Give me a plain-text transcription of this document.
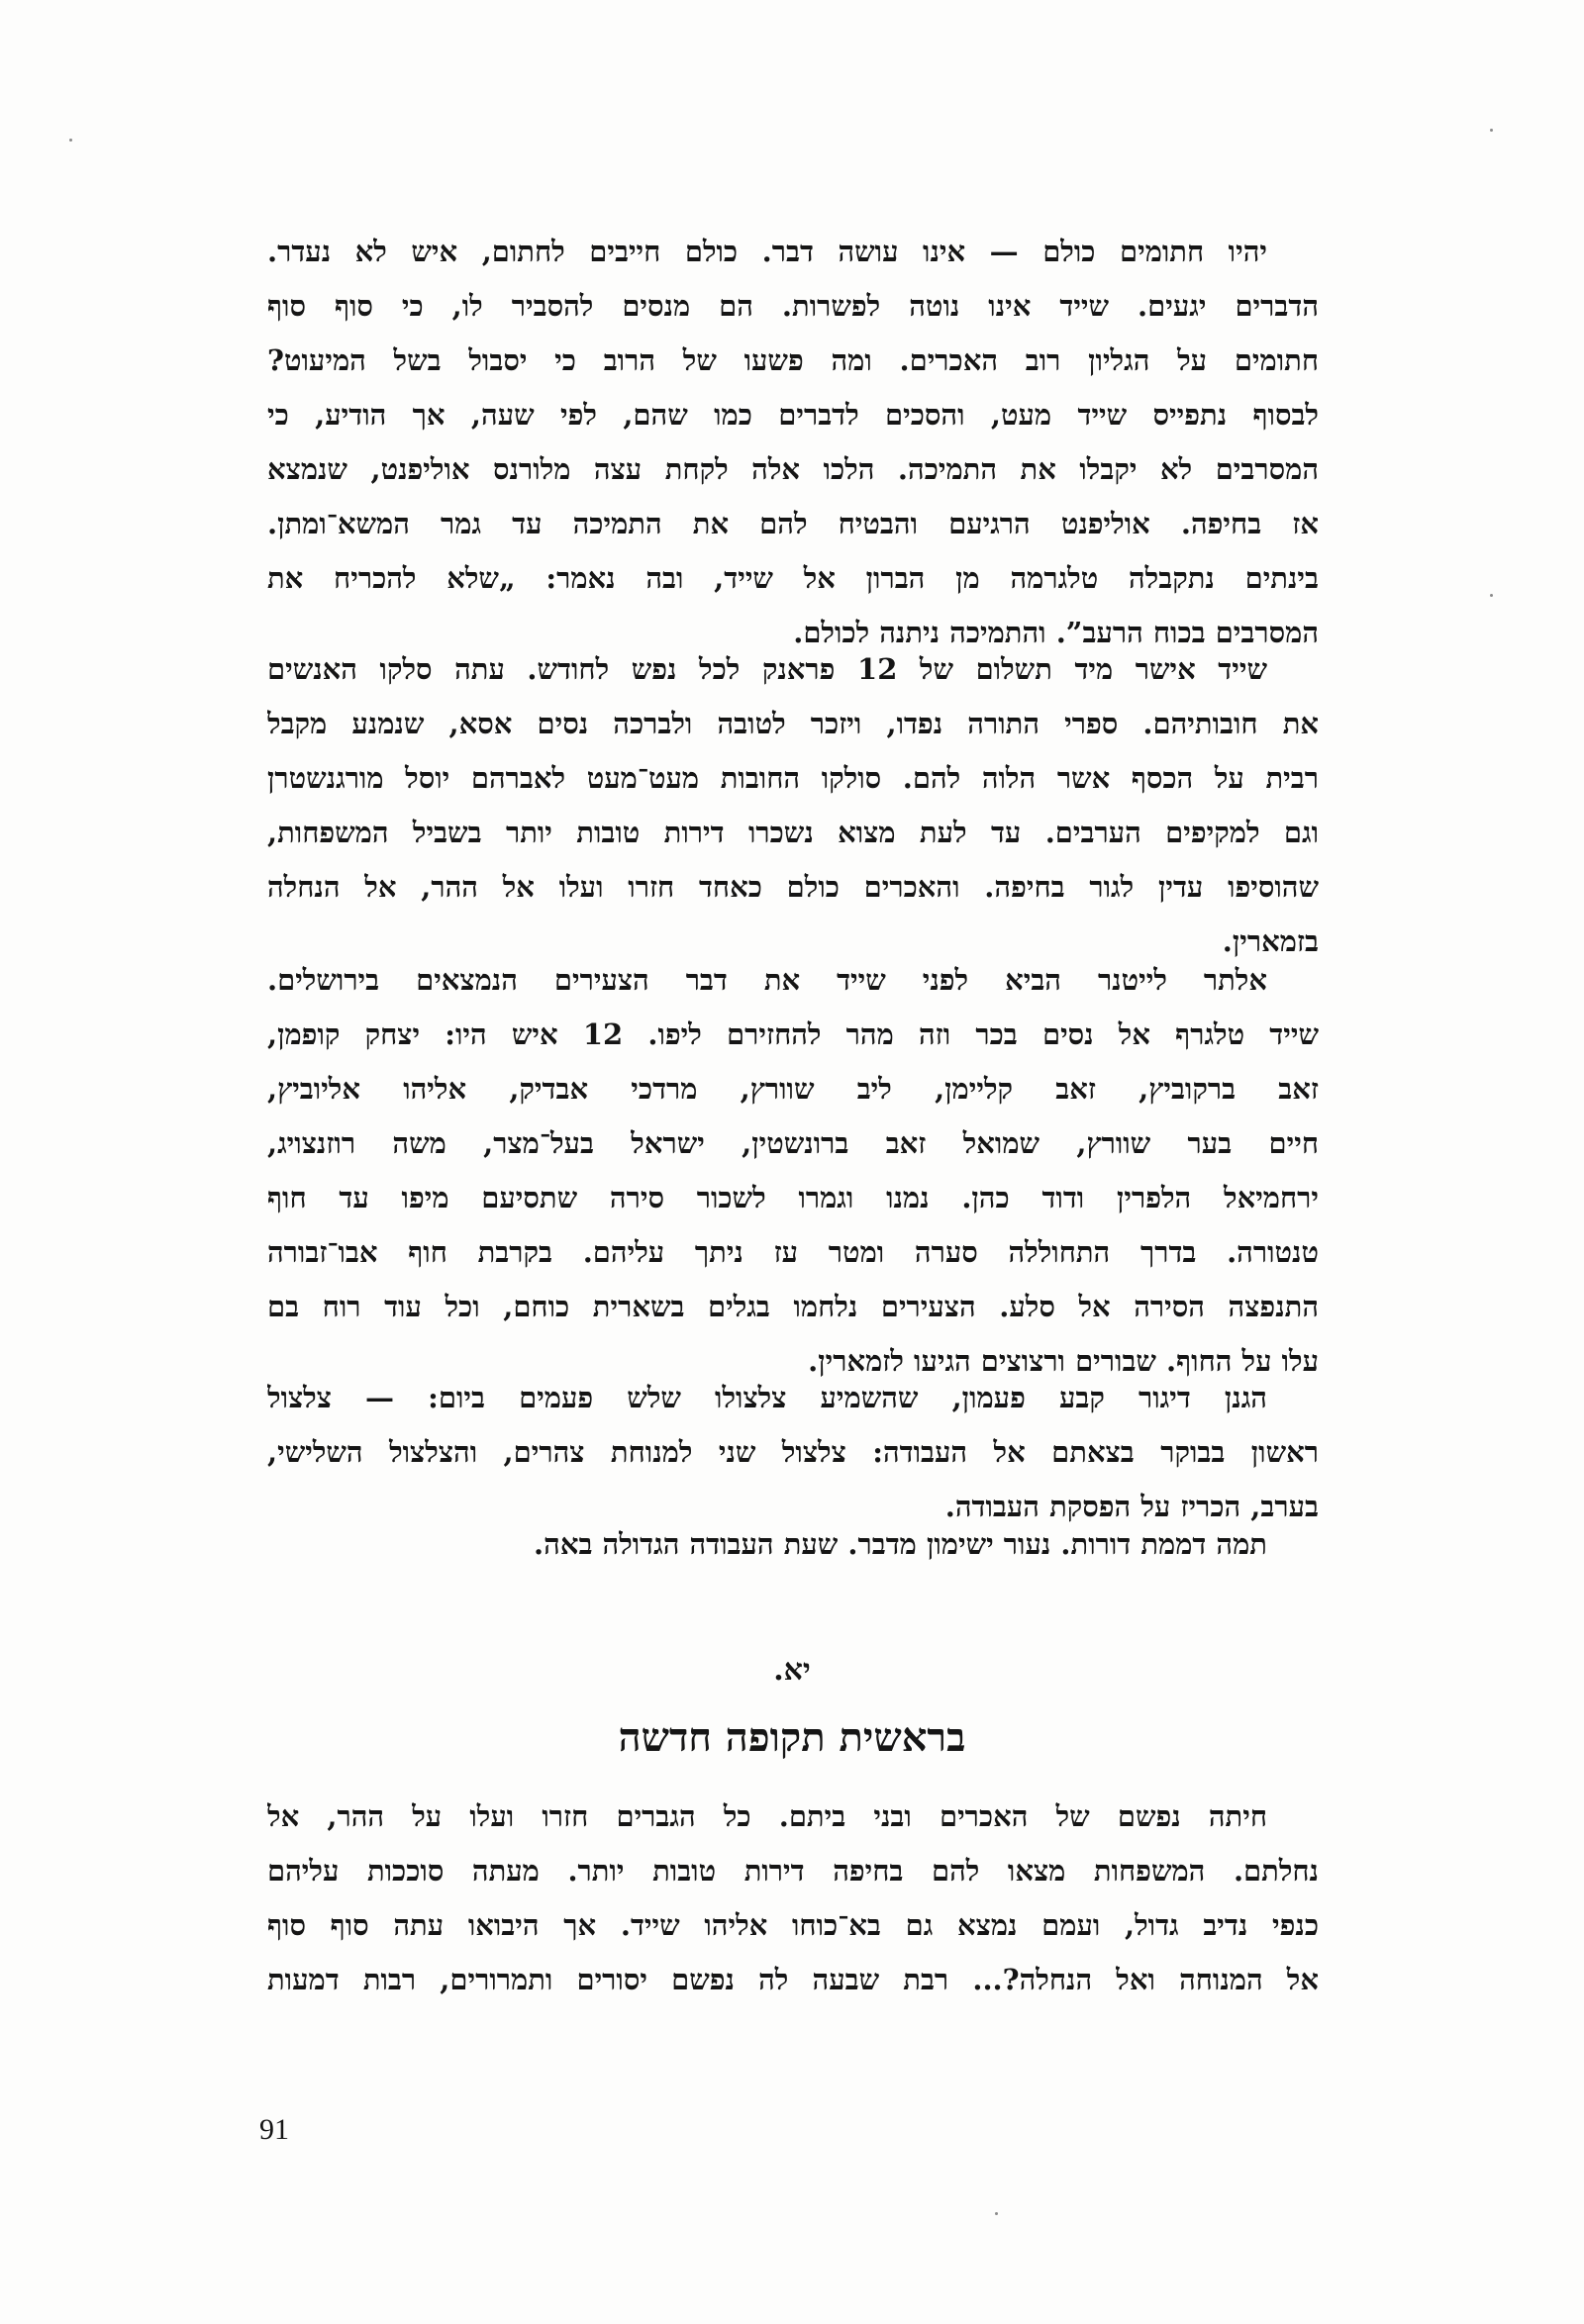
יהיו חתומים כולם — אינו עושה דבר. כולם חייבים לחתום, איש לא נעדר.
הדברים יגעים. שייד אינו נוטה לפשרות. הם מנסים להסביר לו, כי סוף סוף
חתומים על הגליון רוב האכרים. ומה פשעו של הרוב כי יסבול בשל המיעוט?
לבסוף נתפייס שייד מעט, והסכים לדברים כמו שהם, לפי שעה, אך הודיע, כי
המסרבים לא יקבלו את התמיכה. הלכו אלה לקחת עצה מלורנס אוליפנט, שנמצא
אז בחיפה. אוליפנט הרגיעם והבטיח להם את התמיכה עד גמר המשא־ומתן.
בינתים נתקבלה טלגרמה מן הברון אל שייד, ובה נאמר: „שלא להכריח את
המסרבים בכוח הרעב”. והתמיכה ניתנה לכולם.
שייד אישר מיד תשלום של 12 פראנק לכל נפש לחודש. עתה סלקו האנשים
את חובותיהם. ספרי התורה נפדו, ויזכר לטובה ולברכה נסים אסא, שנמנע מקבל
רבית על הכסף אשר הלוה להם. סולקו החובות מעט־מעט לאברהם יוסל מורגנשטרן
וגם למקיפים הערבים. עד לעת מצוא נשכרו דירות טובות יותר בשביל המשפחות,
שהוסיפו עדין לגור בחיפה. והאכרים כולם כאחד חזרו ועלו אל ההר, אל הנחלה
בזמארין.
אלתר לייטנר הביא לפני שייד את דבר הצעירים הנמצאים בירושלים.
שייד טלגרף אל נסים בכר וזה מהר להחזירם ליפו. 12 איש היו: יצחק קופמן,
זאב ברקוביץ, זאב קליימן, ליב שוורץ, מרדכי אבדיק, אליהו אליוביץ,
חיים בער שוורץ, שמואל זאב ברונשטין, ישראל בעל־מצר, משה רוזנצויג,
ירחמיאל הלפרין ודוד כהן. נמנו וגמרו לשכור סירה שתסיעם מיפו עד חוף
טנטורה. בדרך התחוללה סערה ומטר עז ניתך עליהם. בקרבת חוף אבו־זבורה
התנפצה הסירה אל סלע. הצעירים נלחמו בגלים בשארית כוחם, וכל עוד רוח בם
עלו על החוף. שבורים ורצוצים הגיעו לזמארין.
הגנן דיגור קבע פעמון, שהשמיע צלצולו שלש פעמים ביום: — צלצול
ראשון בבוקר בצאתם אל העבודה: צלצול שני למנוחת צהרים, והצלצול השלישי,
בערב, הכריז על הפסקת העבודה.
תמה דממת דורות. נעור ישימון מדבר. שעת העבודה הגדולה באה.
יא.
בראשית תקופה חדשה
חיתה נפשם של האכרים ובני ביתם. כל הגברים חזרו ועלו על ההר, אל
נחלתם. המשפחות מצאו להם בחיפה דירות טובות יותר. מעתה סוככות עליהם
כנפי נדיב גדול, ועמם נמצא גם בא־כוחו אליהו שייד. אך היבואו עתה סוף סוף
אל המנוחה ואל הנחלה?... רבת שבעה לה נפשם יסורים ותמרורים, רבות דמעות
91
